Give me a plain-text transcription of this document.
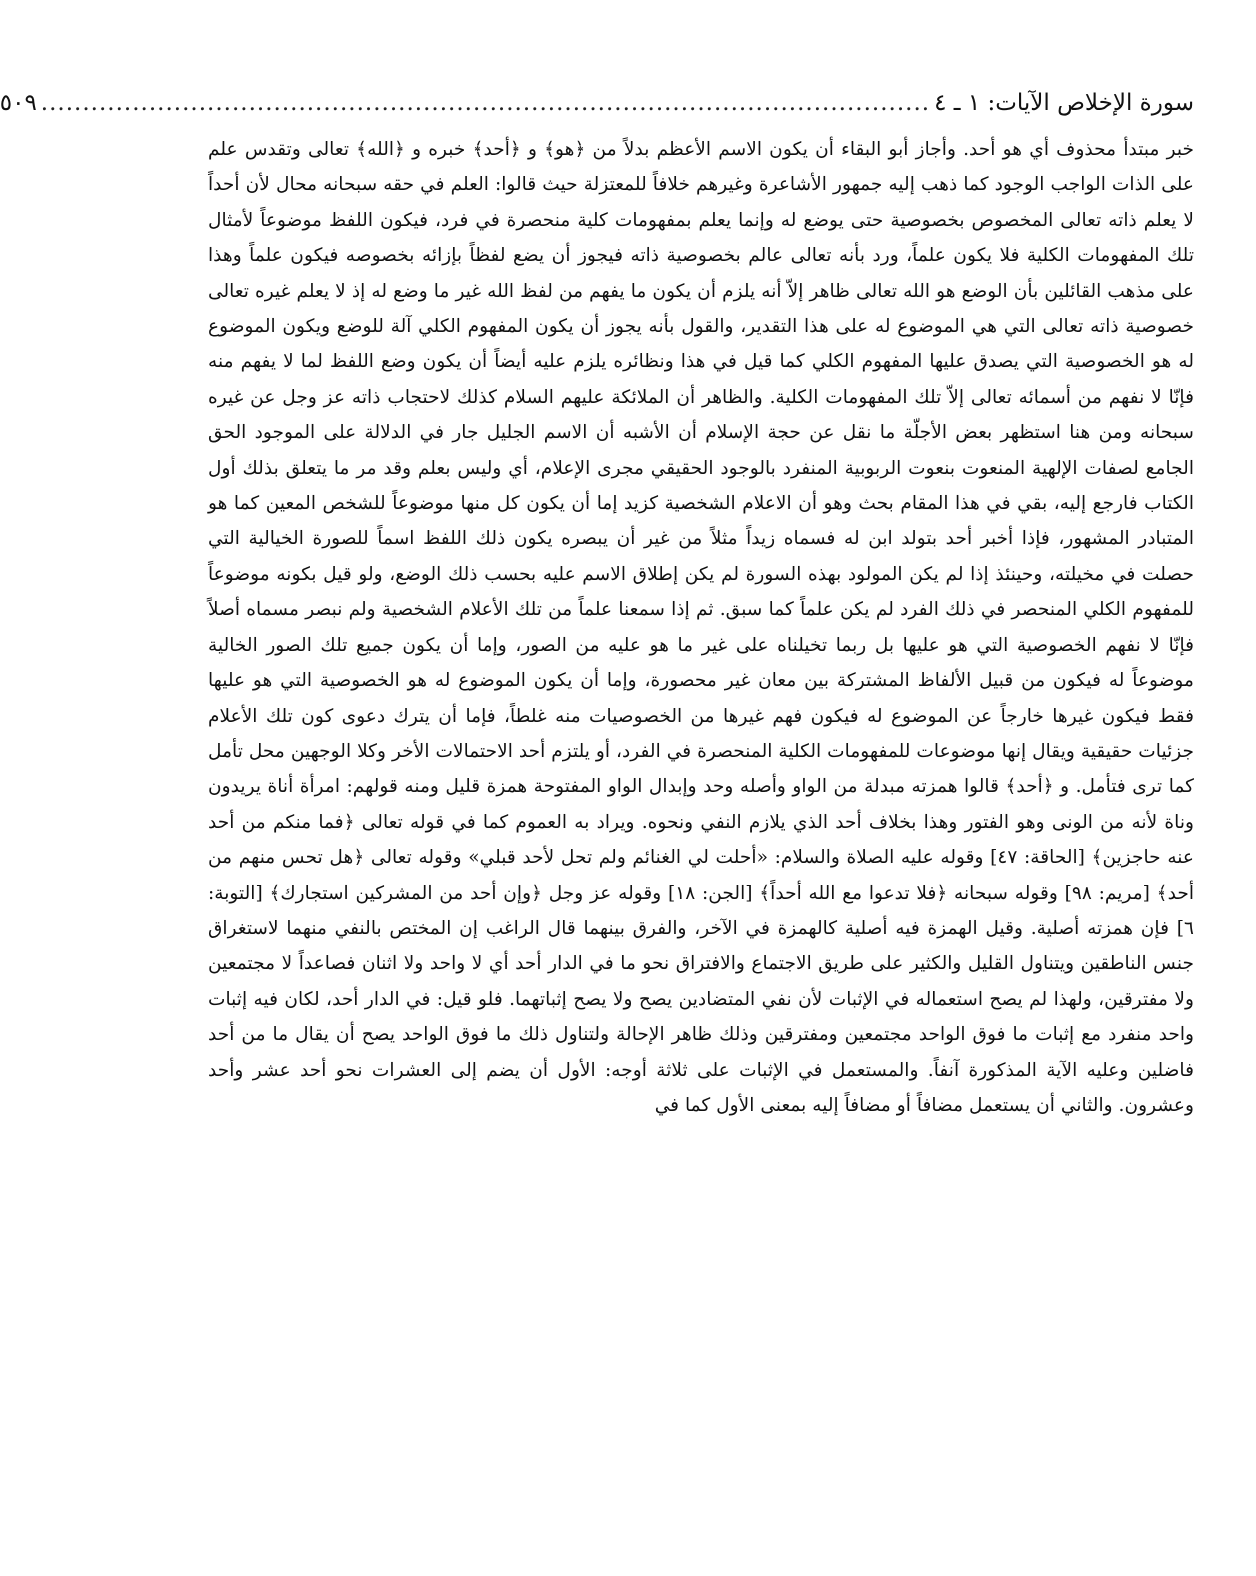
سورة الإخلاص الآيات: ١ ـ ٤
...........................................................................................................
٥٠٩

خبر مبتدأ محذوف أي هو أحد. وأجاز أبو البقاء أن يكون الاسم الأعظم بدلاً من ﴿هو﴾ و ﴿أحد﴾ خبره و ﴿الله﴾ تعالى وتقدس علم على الذات الواجب الوجود كما ذهب إليه جمهور الأشاعرة وغيرهم خلافاً للمعتزلة حيث قالوا: العلم في حقه سبحانه محال لأن أحداً لا يعلم ذاته تعالى المخصوص بخصوصية حتى يوضع له وإنما يعلم بمفهومات كلية منحصرة في فرد، فيكون اللفظ موضوعاً لأمثال تلك المفهومات الكلية فلا يكون علماً، ورد بأنه تعالى عالم بخصوصية ذاته فيجوز أن يضع لفظاً بإزائه بخصوصه فيكون علماً وهذا على مذهب القائلين بأن الوضع هو الله تعالى ظاهر إلاّ أنه يلزم أن يكون ما يفهم من لفظ الله غير ما وضع له إذ لا يعلم غيره تعالى خصوصية ذاته تعالى التي هي الموضوع له على هذا التقدير، والقول بأنه يجوز أن يكون المفهوم الكلي آلة للوضع ويكون الموضوع له هو الخصوصية التي يصدق عليها المفهوم الكلي كما قيل في هذا ونظائره يلزم عليه أيضاً أن يكون وضع اللفظ لما لا يفهم منه فإنّا لا نفهم من أسمائه تعالى إلاّ تلك المفهومات الكلية. والظاهر أن الملائكة عليهم السلام كذلك لاحتجاب ذاته عز وجل عن غيره سبحانه ومن هنا استظهر بعض الأجلّة ما نقل عن حجة الإسلام أن الأشبه أن الاسم الجليل جار في الدلالة على الموجود الحق الجامع لصفات الإلهية المنعوت بنعوت الربوبية المنفرد بالوجود الحقيقي مجرى الإعلام، أي وليس بعلم وقد مر ما يتعلق بذلك أول الكتاب فارجع إليه، بقي في هذا المقام بحث وهو أن الاعلام الشخصية كزيد إما أن يكون كل منها موضوعاً للشخص المعين كما هو المتبادر المشهور، فإذا أخبر أحد بتولد ابن له فسماه زيداً مثلاً من غير أن يبصره يكون ذلك اللفظ اسماً للصورة الخيالية التي حصلت في مخيلته، وحينئذ إذا لم يكن المولود بهذه السورة لم يكن إطلاق الاسم عليه بحسب ذلك الوضع، ولو قيل بكونه موضوعاً للمفهوم الكلي المنحصر في ذلك الفرد لم يكن علماً كما سبق. ثم إذا سمعنا علماً من تلك الأعلام الشخصية ولم نبصر مسماه أصلاً فإنّا لا نفهم الخصوصية التي هو عليها بل ربما تخيلناه على غير ما هو عليه من الصور، وإما أن يكون جميع تلك الصور الخالية موضوعاً له فيكون من قبيل الألفاظ المشتركة بين معان غير محصورة، وإما أن يكون الموضوع له هو الخصوصية التي هو عليها فقط فيكون غيرها خارجاً عن الموضوع له فيكون فهم غيرها من الخصوصيات منه غلطاً، فإما أن يترك دعوى كون تلك الأعلام جزئيات حقيقية ويقال إنها موضوعات للمفهومات الكلية المنحصرة في الفرد، أو يلتزم أحد الاحتمالات الأخر وكلا الوجهين محل تأمل كما ترى فتأمل. و ﴿أحد﴾ قالوا همزته مبدلة من الواو وأصله وحد وإبدال الواو المفتوحة همزة قليل ومنه قولهم: امرأة أناة يريدون وناة لأنه من الونى وهو الفتور وهذا بخلاف أحد الذي يلازم النفي ونحوه. ويراد به العموم كما في قوله تعالى ﴿فما منكم من أحد عنه حاجزين﴾ [الحاقة: ٤٧] وقوله عليه الصلاة والسلام: «أحلت لي الغنائم ولم تحل لأحد قبلي» وقوله تعالى ﴿هل تحس منهم من أحد﴾ [مريم: ٩٨] وقوله سبحانه ﴿فلا تدعوا مع الله أحداً﴾ [الجن: ١٨] وقوله عز وجل ﴿وإن أحد من المشركين استجارك﴾ [التوبة: ٦] فإن همزته أصلية. وقيل الهمزة فيه أصلية كالهمزة في الآخر، والفرق بينهما قال الراغب إن المختص بالنفي منهما لاستغراق جنس الناطقين ويتناول القليل والكثير على طريق الاجتماع والافتراق نحو ما في الدار أحد أي لا واحد ولا اثنان فصاعداً لا مجتمعين ولا مفترقين، ولهذا لم يصح استعماله في الإثبات لأن نفي المتضادين يصح ولا يصح إثباتهما. فلو قيل: في الدار أحد، لكان فيه إثبات واحد منفرد مع إثبات ما فوق الواحد مجتمعين ومفترقين وذلك ظاهر الإحالة ولتناول ذلك ما فوق الواحد يصح أن يقال ما من أحد فاضلين وعليه الآية المذكورة آنفاً. والمستعمل في الإثبات على ثلاثة أوجه: الأول أن يضم إلى العشرات نحو أحد عشر وأحد وعشرون. والثاني أن يستعمل مضافاً أو مضافاً إليه بمعنى الأول كما في
